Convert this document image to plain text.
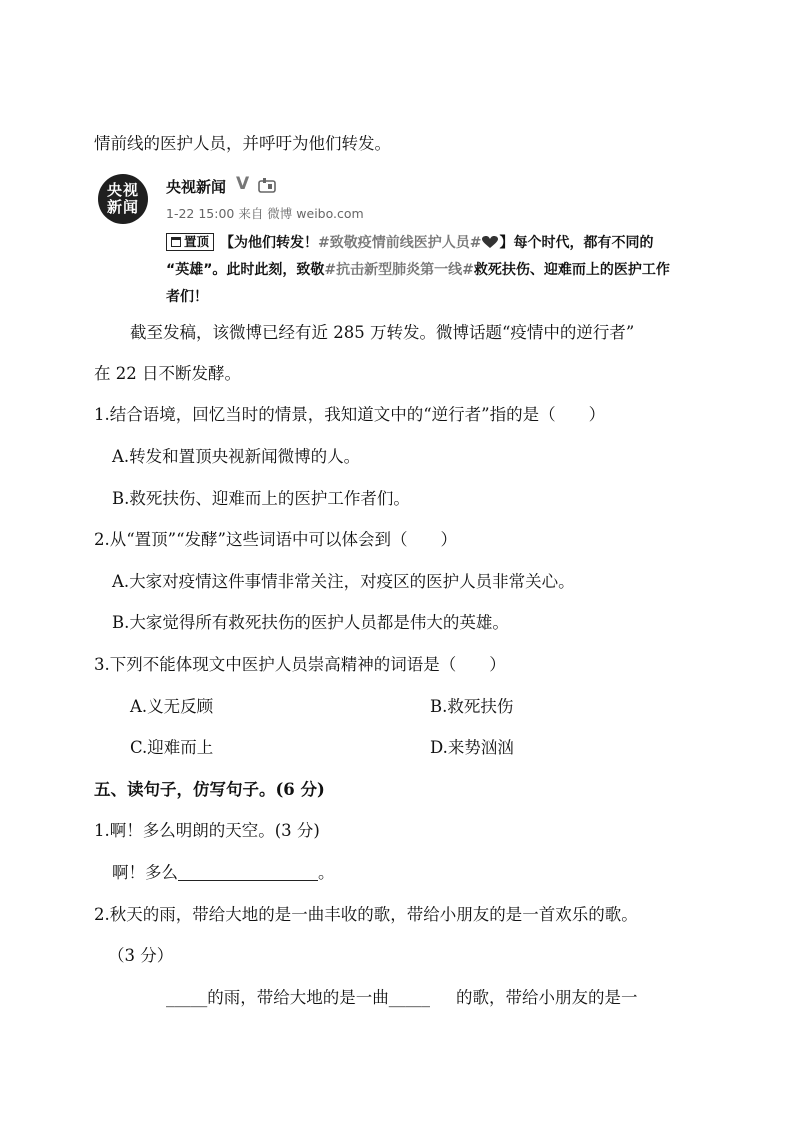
情前线的医护人员，并呼吁为他们转发。
央视
新闻
央视新闻 V
1-22 15:00 来自 微博 weibo.com
置顶 【为他们转发！#致敬疫情前线医护人员# 】每个时代，都有不同的
“英雄”。此时此刻，致敬#抗击新型肺炎第一线#救死扶伤、迎难而上的医护工作
者们！
截至发稿，该微博已经有近 285 万转发。微博话题“疫情中的逆行者”
在 22 日不断发酵。
1.结合语境，回忆当时的情景，我知道文中的“逆行者”指的是（　　）
A.转发和置顶央视新闻微博的人。
B.救死扶伤、迎难而上的医护工作者们。
2.从“置顶”“发酵”这些词语中可以体会到（　　）
A.大家对疫情这件事情非常关注，对疫区的医护人员非常关心。
B.大家觉得所有救死扶伤的医护人员都是伟大的英雄。
3.下列不能体现文中医护人员崇高精神的词语是（　　）
A.义无反顾	B.救死扶伤
C.迎难而上	D.来势汹汹
五、读句子，仿写句子。(6 分)
1.啊！多么明朗的天空。(3 分)
啊！多么	。
2.秋天的雨，带给大地的是一曲丰收的歌，带给小朋友的是一首欢乐的歌。
（3 分）
_____的雨，带给大地的是一曲_____ 的歌，带给小朋友的是一
